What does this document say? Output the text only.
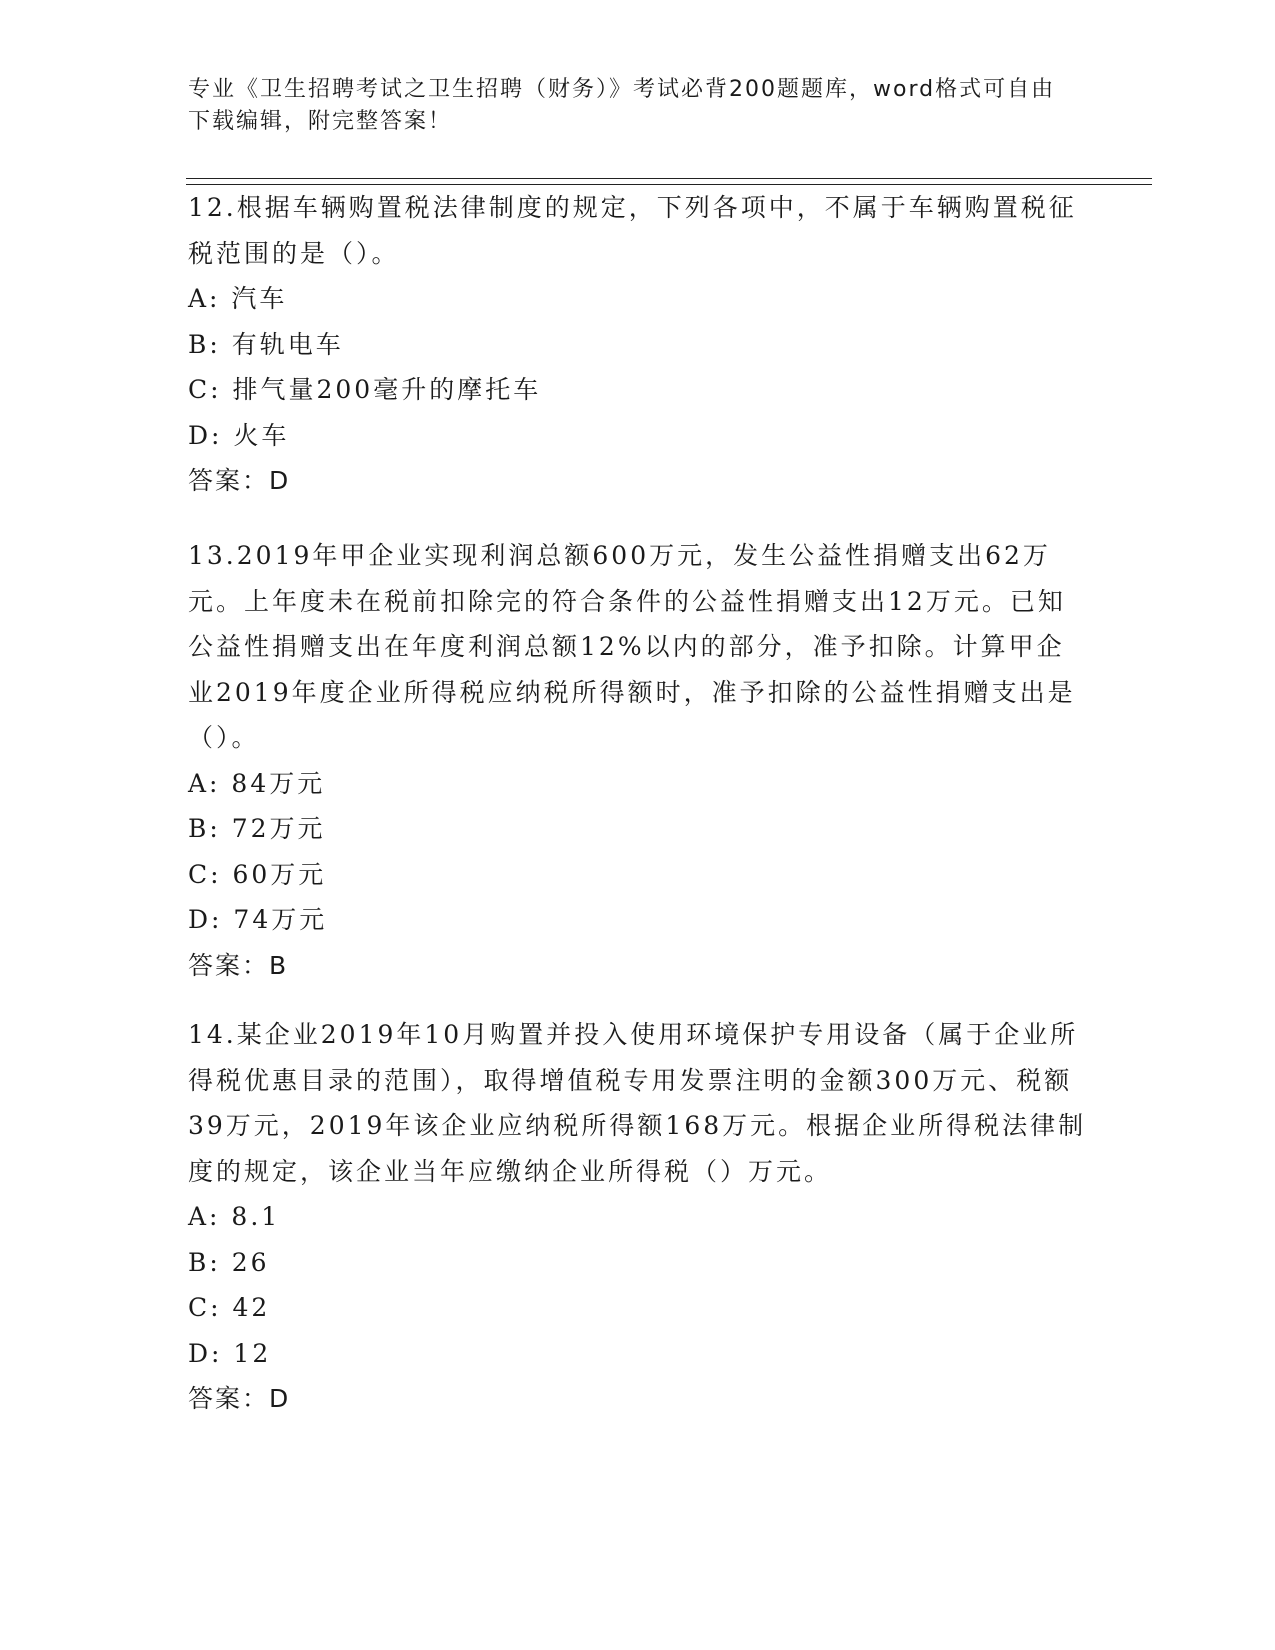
专业《卫生招聘考试之卫生招聘（财务）》考试必背200题题库，word格式可自由下载编辑，附完整答案！

12.根据车辆购置税法律制度的规定，下列各项中，不属于车辆购置税征税范围的是（）。

A: 汽车
B: 有轨电车
C: 排气量200毫升的摩托车
D: 火车
答案：D

13.2019年甲企业实现利润总额600万元，发生公益性捐赠支出62万元。上年度未在税前扣除完的符合条件的公益性捐赠支出12万元。已知公益性捐赠支出在年度利润总额12%以内的部分，准予扣除。计算甲企业2019年度企业所得税应纳税所得额时，准予扣除的公益性捐赠支出是（）。

A: 84万元
B: 72万元
C: 60万元
D: 74万元
答案：B

14.某企业2019年10月购置并投入使用环境保护专用设备（属于企业所得税优惠目录的范围），取得增值税专用发票注明的金额300万元、税额39万元，2019年该企业应纳税所得额168万元。根据企业所得税法律制度的规定，该企业当年应缴纳企业所得税（）万元。

A: 8.1
B: 26
C: 42
D: 12
答案：D
